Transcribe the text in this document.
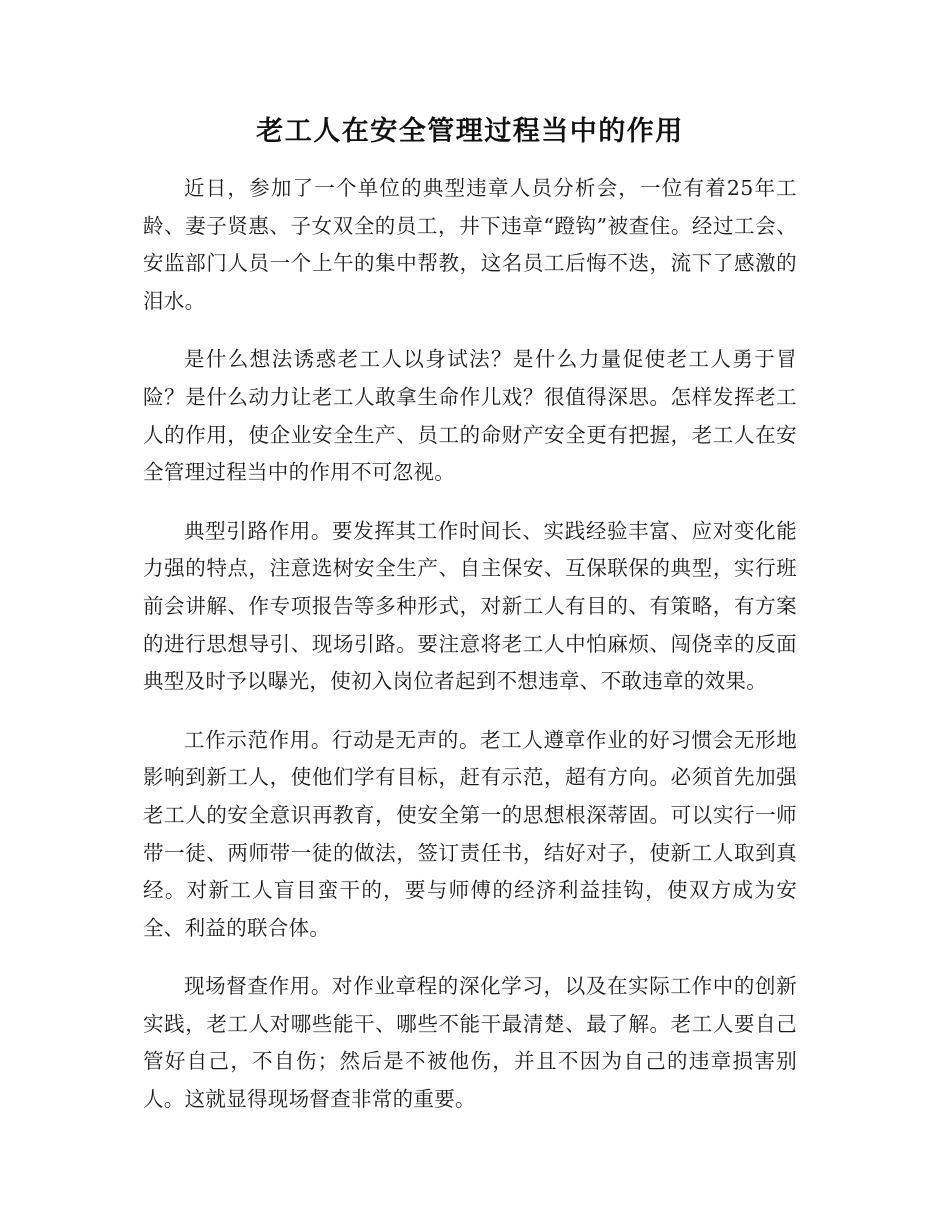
老工人在安全管理过程当中的作用

近日，参加了一个单位的典型违章人员分析会，一位有着25年工龄、妻子贤惠、子女双全的员工，井下违章“蹬钩”被查住。经过工会、安监部门人员一个上午的集中帮教，这名员工后悔不迭，流下了感激的泪水。

是什么想法诱惑老工人以身试法？是什么力量促使老工人勇于冒险？是什么动力让老工人敢拿生命作儿戏？很值得深思。怎样发挥老工人的作用，使企业安全生产、员工的命财产安全更有把握，老工人在安全管理过程当中的作用不可忽视。

典型引路作用。要发挥其工作时间长、实践经验丰富、应对变化能力强的特点，注意选树安全生产、自主保安、互保联保的典型，实行班前会讲解、作专项报告等多种形式，对新工人有目的、有策略，有方案的进行思想导引、现场引路。要注意将老工人中怕麻烦、闯侥幸的反面典型及时予以曝光，使初入岗位者起到不想违章、不敢违章的效果。

工作示范作用。行动是无声的。老工人遵章作业的好习惯会无形地影响到新工人，使他们学有目标，赶有示范，超有方向。必须首先加强老工人的安全意识再教育，使安全第一的思想根深蒂固。可以实行一师带一徒、两师带一徒的做法，签订责任书，结好对子，使新工人取到真经。对新工人盲目蛮干的，要与师傅的经济利益挂钩，使双方成为安全、利益的联合体。

现场督查作用。对作业章程的深化学习，以及在实际工作中的创新实践，老工人对哪些能干、哪些不能干最清楚、最了解。老工人要自己管好自己，不自伤；然后是不被他伤，并且不因为自己的违章损害别人。这就显得现场督查非常的重要。
